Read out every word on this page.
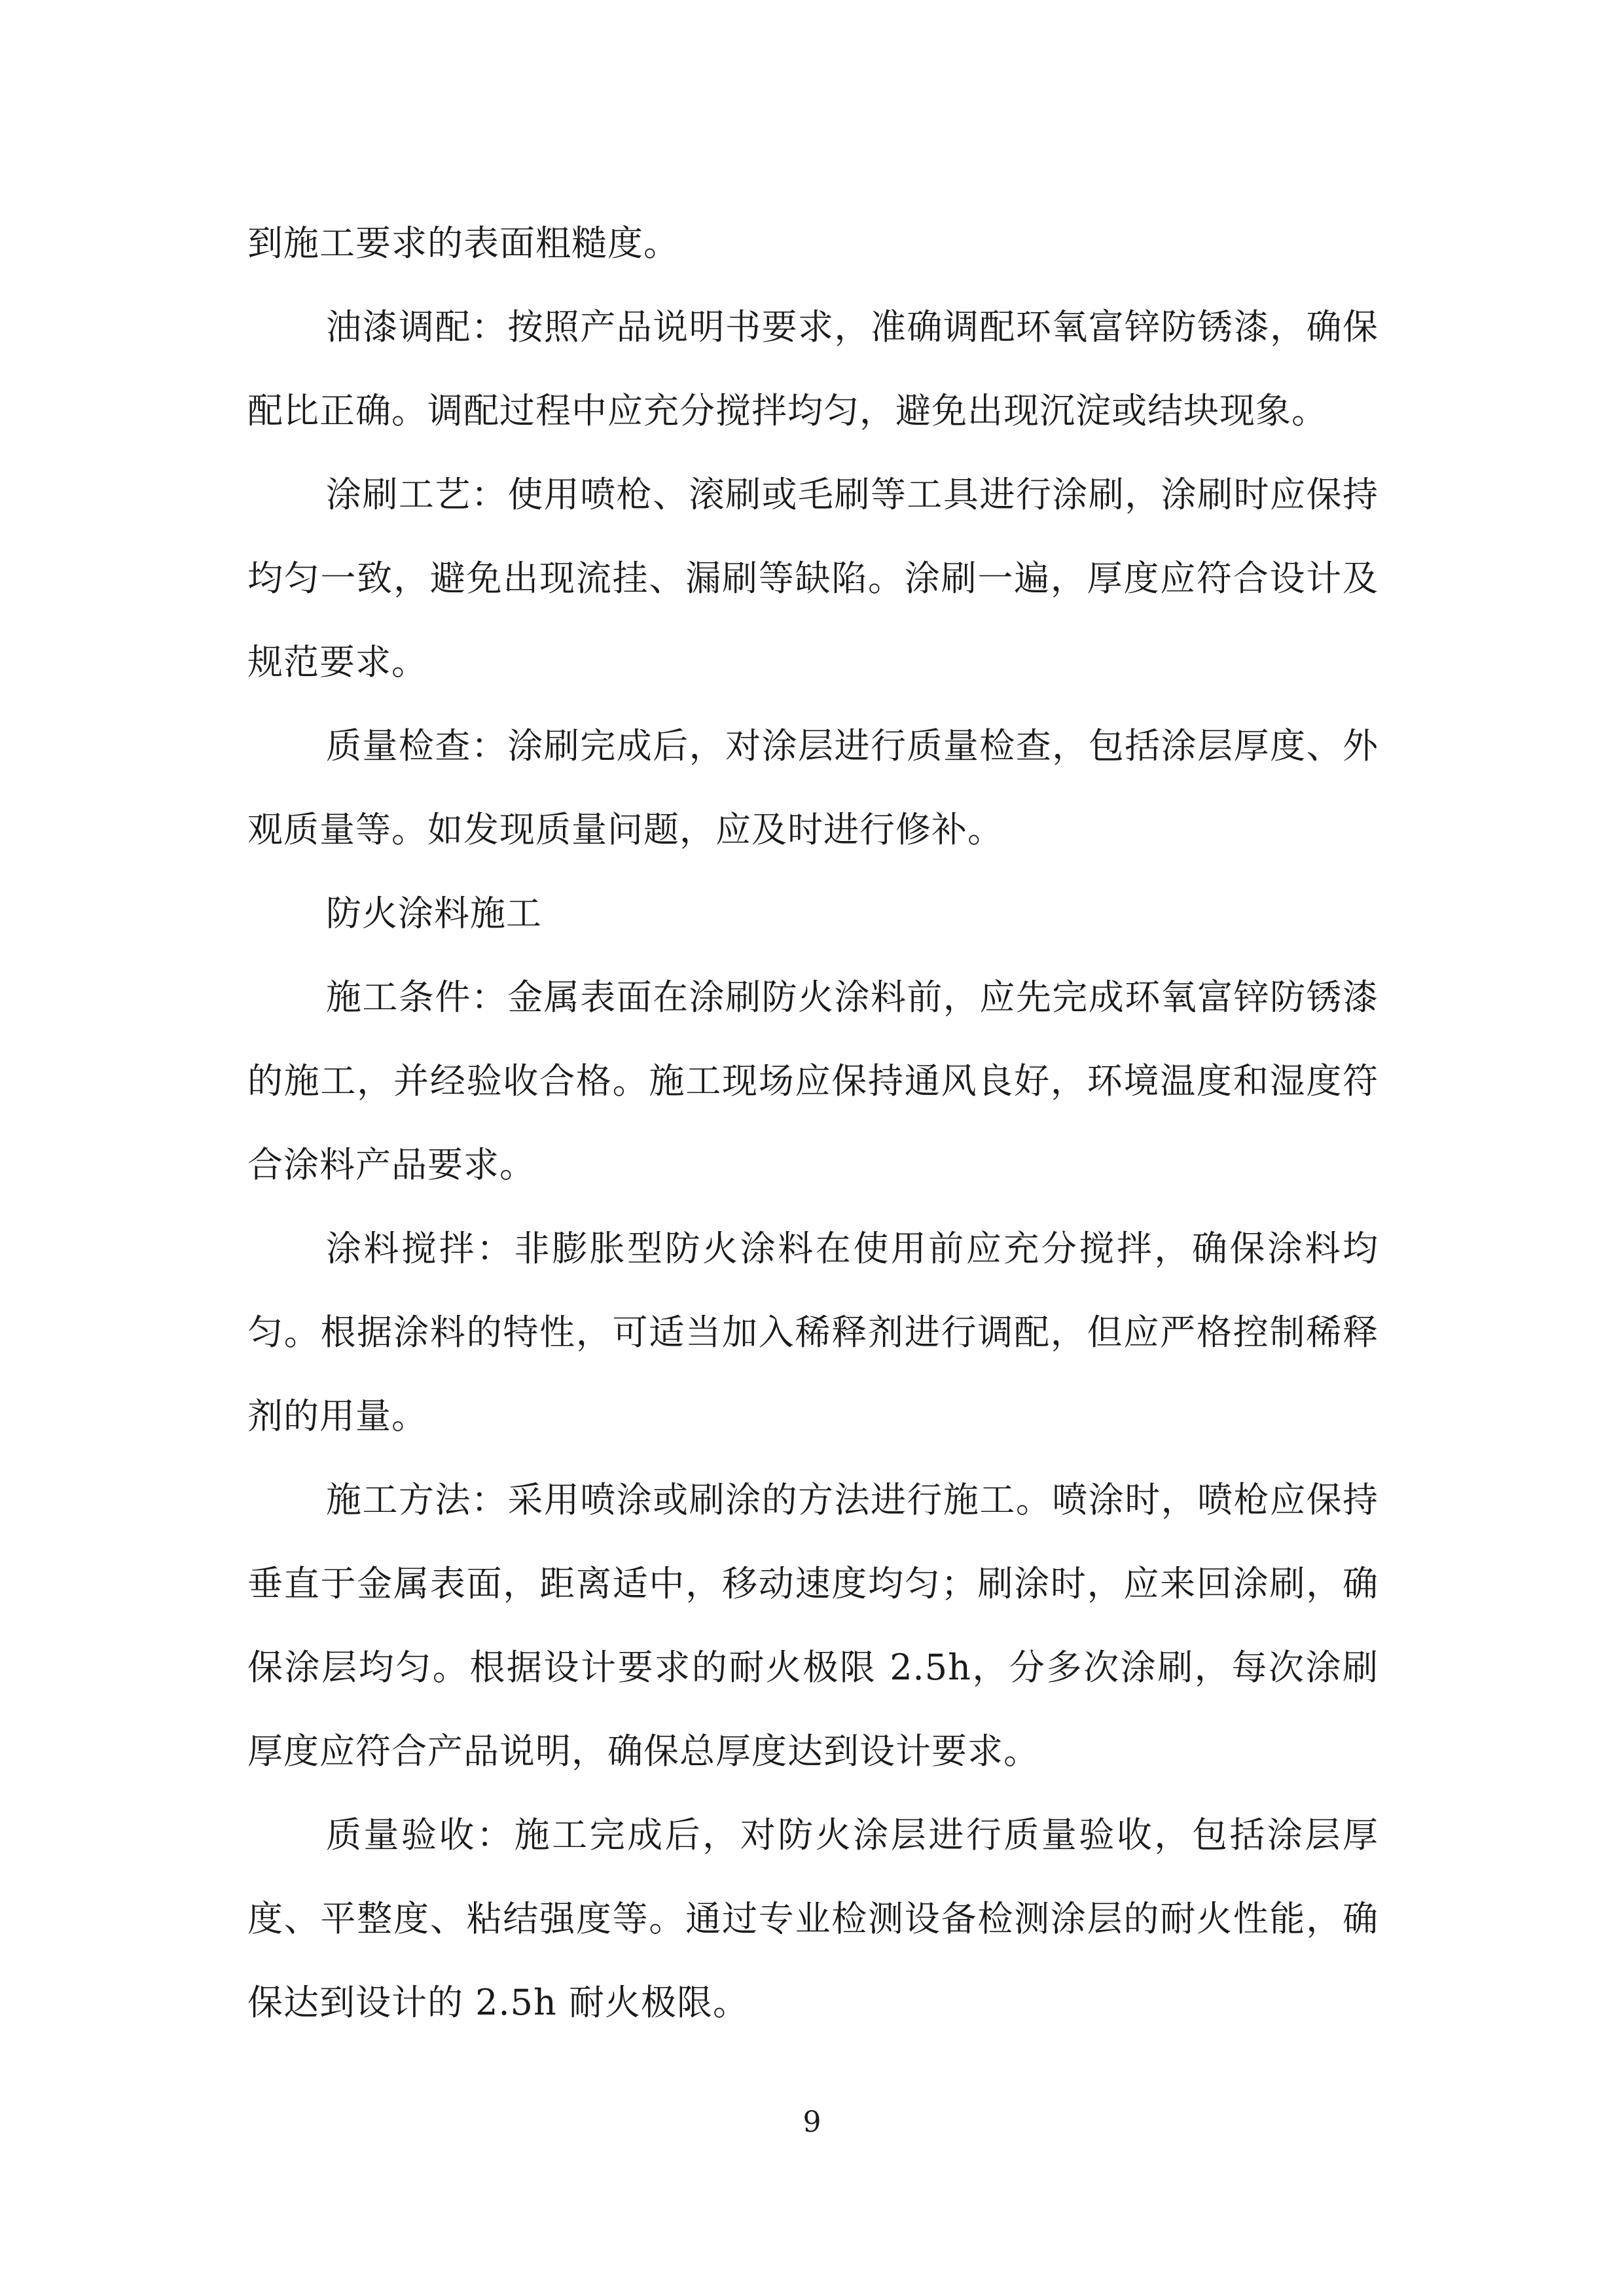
到施工要求的表面粗糙度。

油漆调配：按照产品说明书要求，准确调配环氧富锌防锈漆，确保配比正确。调配过程中应充分搅拌均匀，避免出现沉淀或结块现象。

涂刷工艺：使用喷枪、滚刷或毛刷等工具进行涂刷，涂刷时应保持均匀一致，避免出现流挂、漏刷等缺陷。涂刷一遍，厚度应符合设计及规范要求。

质量检查：涂刷完成后，对涂层进行质量检查，包括涂层厚度、外观质量等。如发现质量问题，应及时进行修补。

防火涂料施工

施工条件：金属表面在涂刷防火涂料前，应先完成环氧富锌防锈漆的施工，并经验收合格。施工现场应保持通风良好，环境温度和湿度符合涂料产品要求。

涂料搅拌：非膨胀型防火涂料在使用前应充分搅拌，确保涂料均匀。根据涂料的特性，可适当加入稀释剂进行调配，但应严格控制稀释剂的用量。

施工方法：采用喷涂或刷涂的方法进行施工。喷涂时，喷枪应保持垂直于金属表面，距离适中，移动速度均匀；刷涂时，应来回涂刷，确保涂层均匀。根据设计要求的耐火极限 2.5h，分多次涂刷，每次涂刷厚度应符合产品说明，确保总厚度达到设计要求。

质量验收：施工完成后，对防火涂层进行质量验收，包括涂层厚度、平整度、粘结强度等。通过专业检测设备检测涂层的耐火性能，确保达到设计的 2.5h 耐火极限。

9
